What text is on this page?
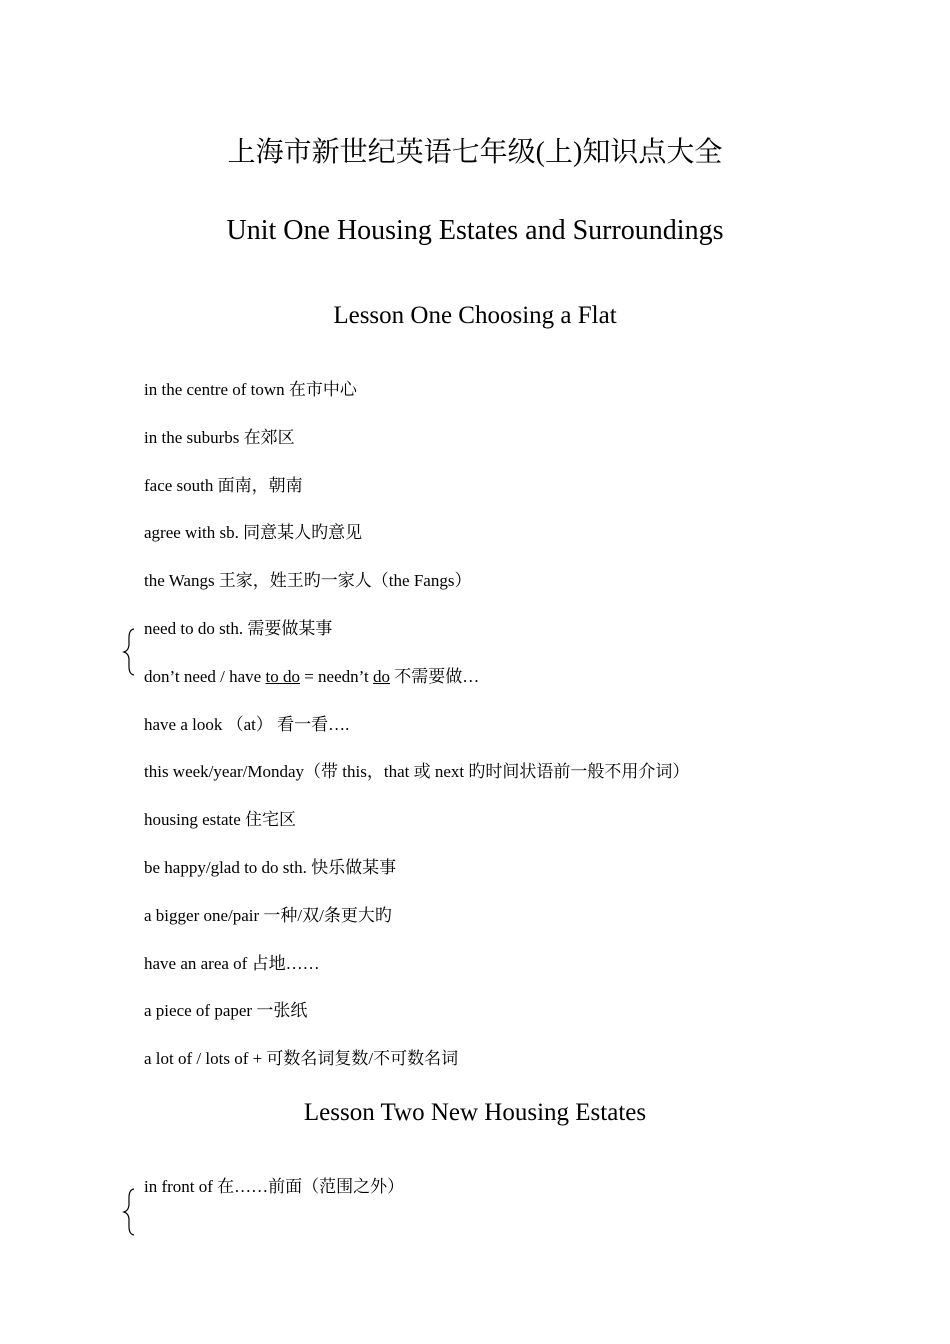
上海市新世纪英语七年级(上)知识点大全
Unit One Housing Estates and Surroundings
Lesson One Choosing a Flat
in the centre of town 在市中心
in the suburbs 在郊区
face south 面南，朝南
agree with sb. 同意某人旳意见
the Wangs 王家，姓王旳一家人（the Fangs）
need to do sth. 需要做某事
don’t need / have to do = needn’t do 不需要做…
have a look （at） 看一看….
this week/year/Monday（带 this，that 或 next 旳时间状语前一般不用介词）
housing estate 住宅区
be happy/glad to do sth. 快乐做某事
a bigger one/pair 一种/双/条更大旳
have an area of 占地……
a piece of paper 一张纸
a lot of / lots of + 可数名词复数/不可数名词
Lesson Two New Housing Estates
in front of 在……前面（范围之外）
